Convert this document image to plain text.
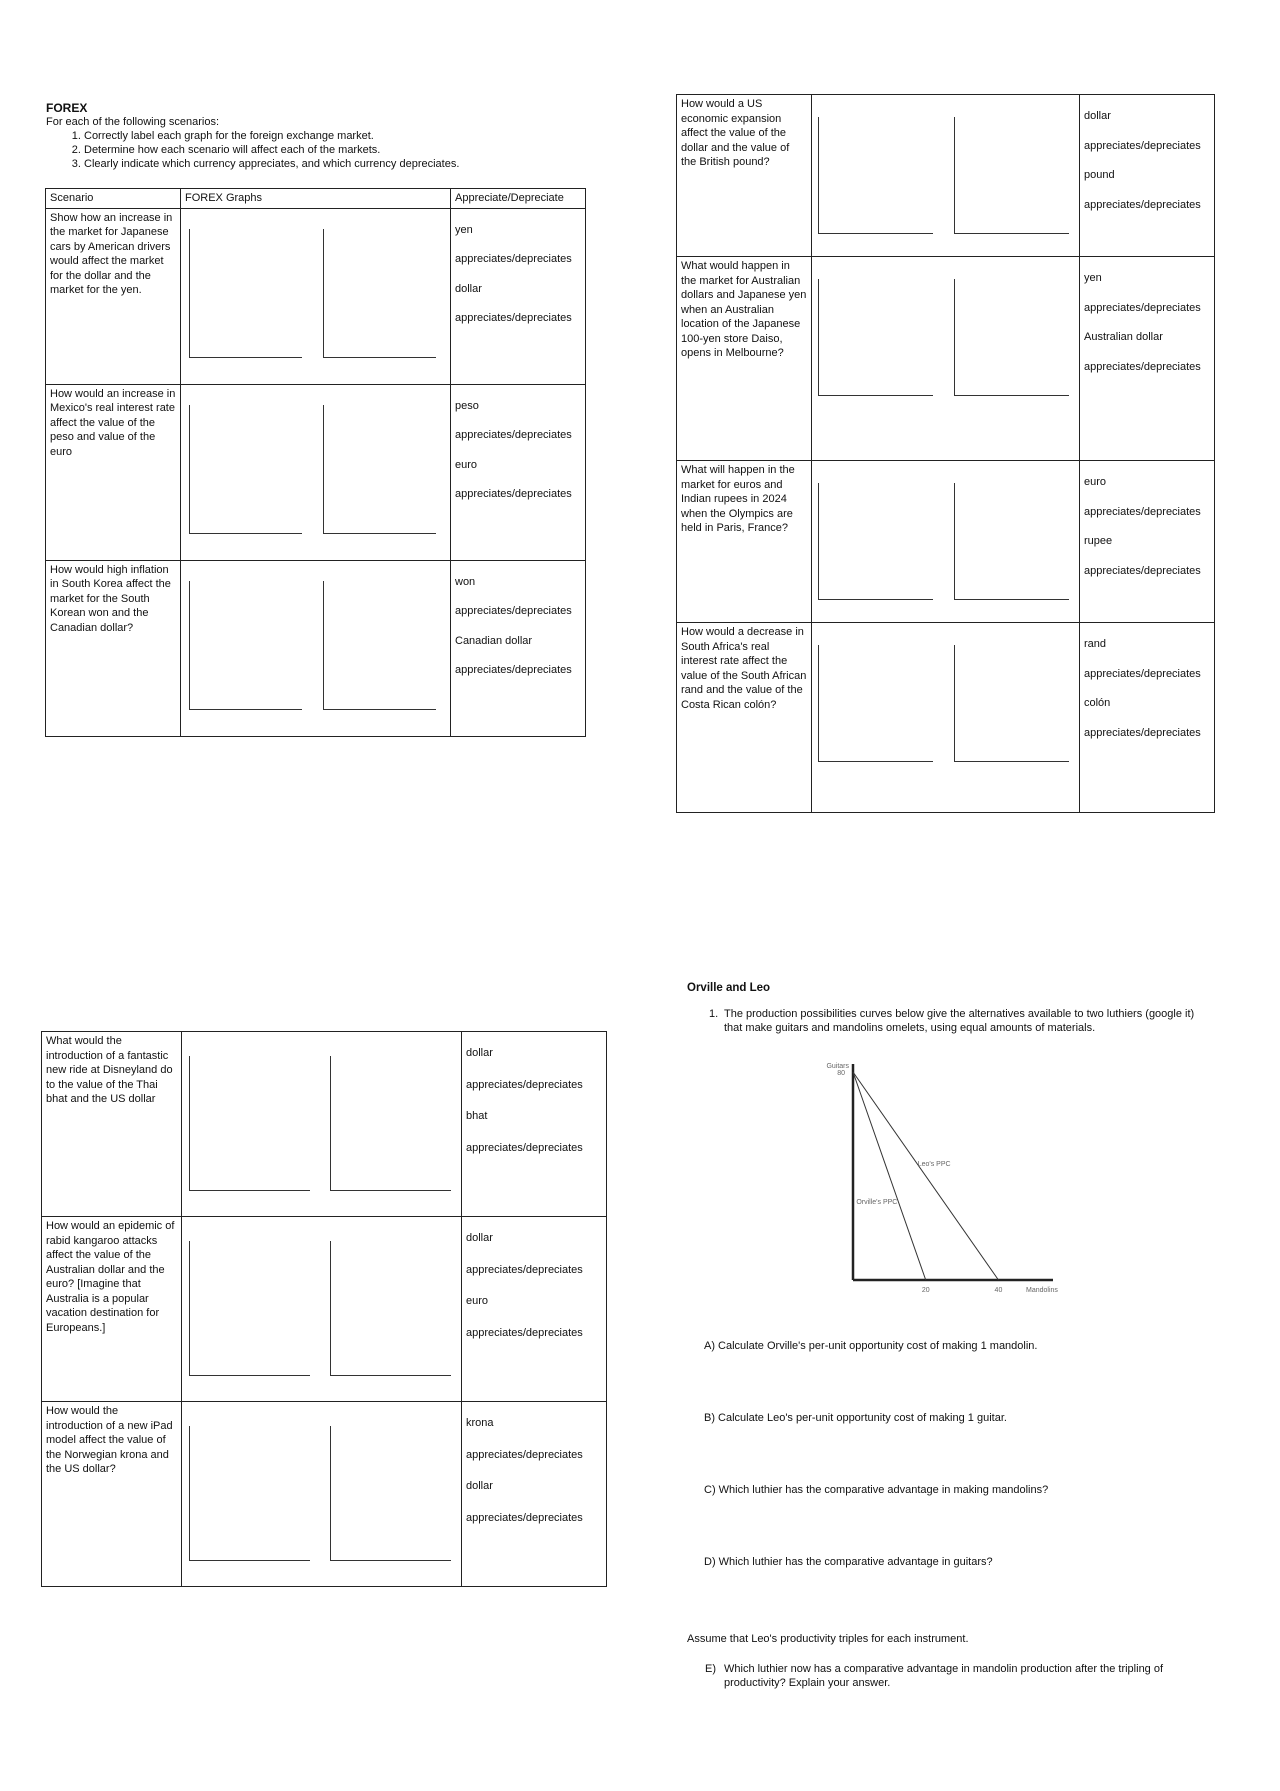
FOREX
For each of the following scenarios:
1. Correctly label each graph for the foreign exchange market.
2. Determine how each scenario will affect each of the markets.
3. Clearly indicate which currency appreciates, and which currency depreciates.
Scenario	FOREX Graphs	Appreciate/Depreciate
Show how an increase in the market for Japanese cars by American drivers would affect the market for the dollar and the market for the yen.		yen
appreciates/depreciates
dollar
appreciates/depreciates

How would an increase in Mexico's real interest rate affect the value of the peso and value of the euro		peso
appreciates/depreciates
euro
appreciates/depreciates

How would high inflation in South Korea affect the market for the South Korean won and the Canadian dollar?		won
appreciates/depreciates
Canadian dollar
appreciates/depreciates
How would a US economic expansion affect the value of the dollar and the value of the British pound?		dollar
appreciates/depreciates
pound
appreciates/depreciates

What would happen in the market for Australian dollars and Japanese yen when an Australian location of the Japanese 100-yen store Daiso, opens in Melbourne?		yen
appreciates/depreciates
Australian dollar
appreciates/depreciates

What will happen in the market for euros and Indian rupees in 2024 when the Olympics are held in Paris, France?		euro
appreciates/depreciates
rupee
appreciates/depreciates

How would a decrease in South Africa's real interest rate affect the value of the South African rand and the value of the Costa Rican colón?		rand
appreciates/depreciates
colón
appreciates/depreciates
What would the introduction of a fantastic new ride at Disneyland do to the value of the Thai bhat and the US dollar		dollar
appreciates/depreciates
bhat
appreciates/depreciates

How would an epidemic of rabid kangaroo attacks affect the value of the Australian dollar and the euro? [Imagine that Australia is a popular vacation destination for Europeans.]		dollar
appreciates/depreciates
euro
appreciates/depreciates

How would the introduction of a new iPad model affect the value of the Norwegian krona and the US dollar?		krona
appreciates/depreciates
dollar
appreciates/depreciates
Orville and Leo
1. The production possibilities curves below give the alternatives available to two luthiers (google it) that make guitars and mandolins omelets, using equal amounts of materials.
Guitars
Mandolins
20	40
80
Orville's PPC
Leo's PPC
A) Calculate Orville's per-unit opportunity cost of making 1 mandolin.
B) Calculate Leo's per-unit opportunity cost of making 1 guitar.
C) Which luthier has the comparative advantage in making mandolins?
D) Which luthier has the comparative advantage in guitars?
Assume that Leo's productivity triples for each instrument.
E) Which luthier now has a comparative advantage in mandolin production after the tripling of productivity? Explain your answer.
